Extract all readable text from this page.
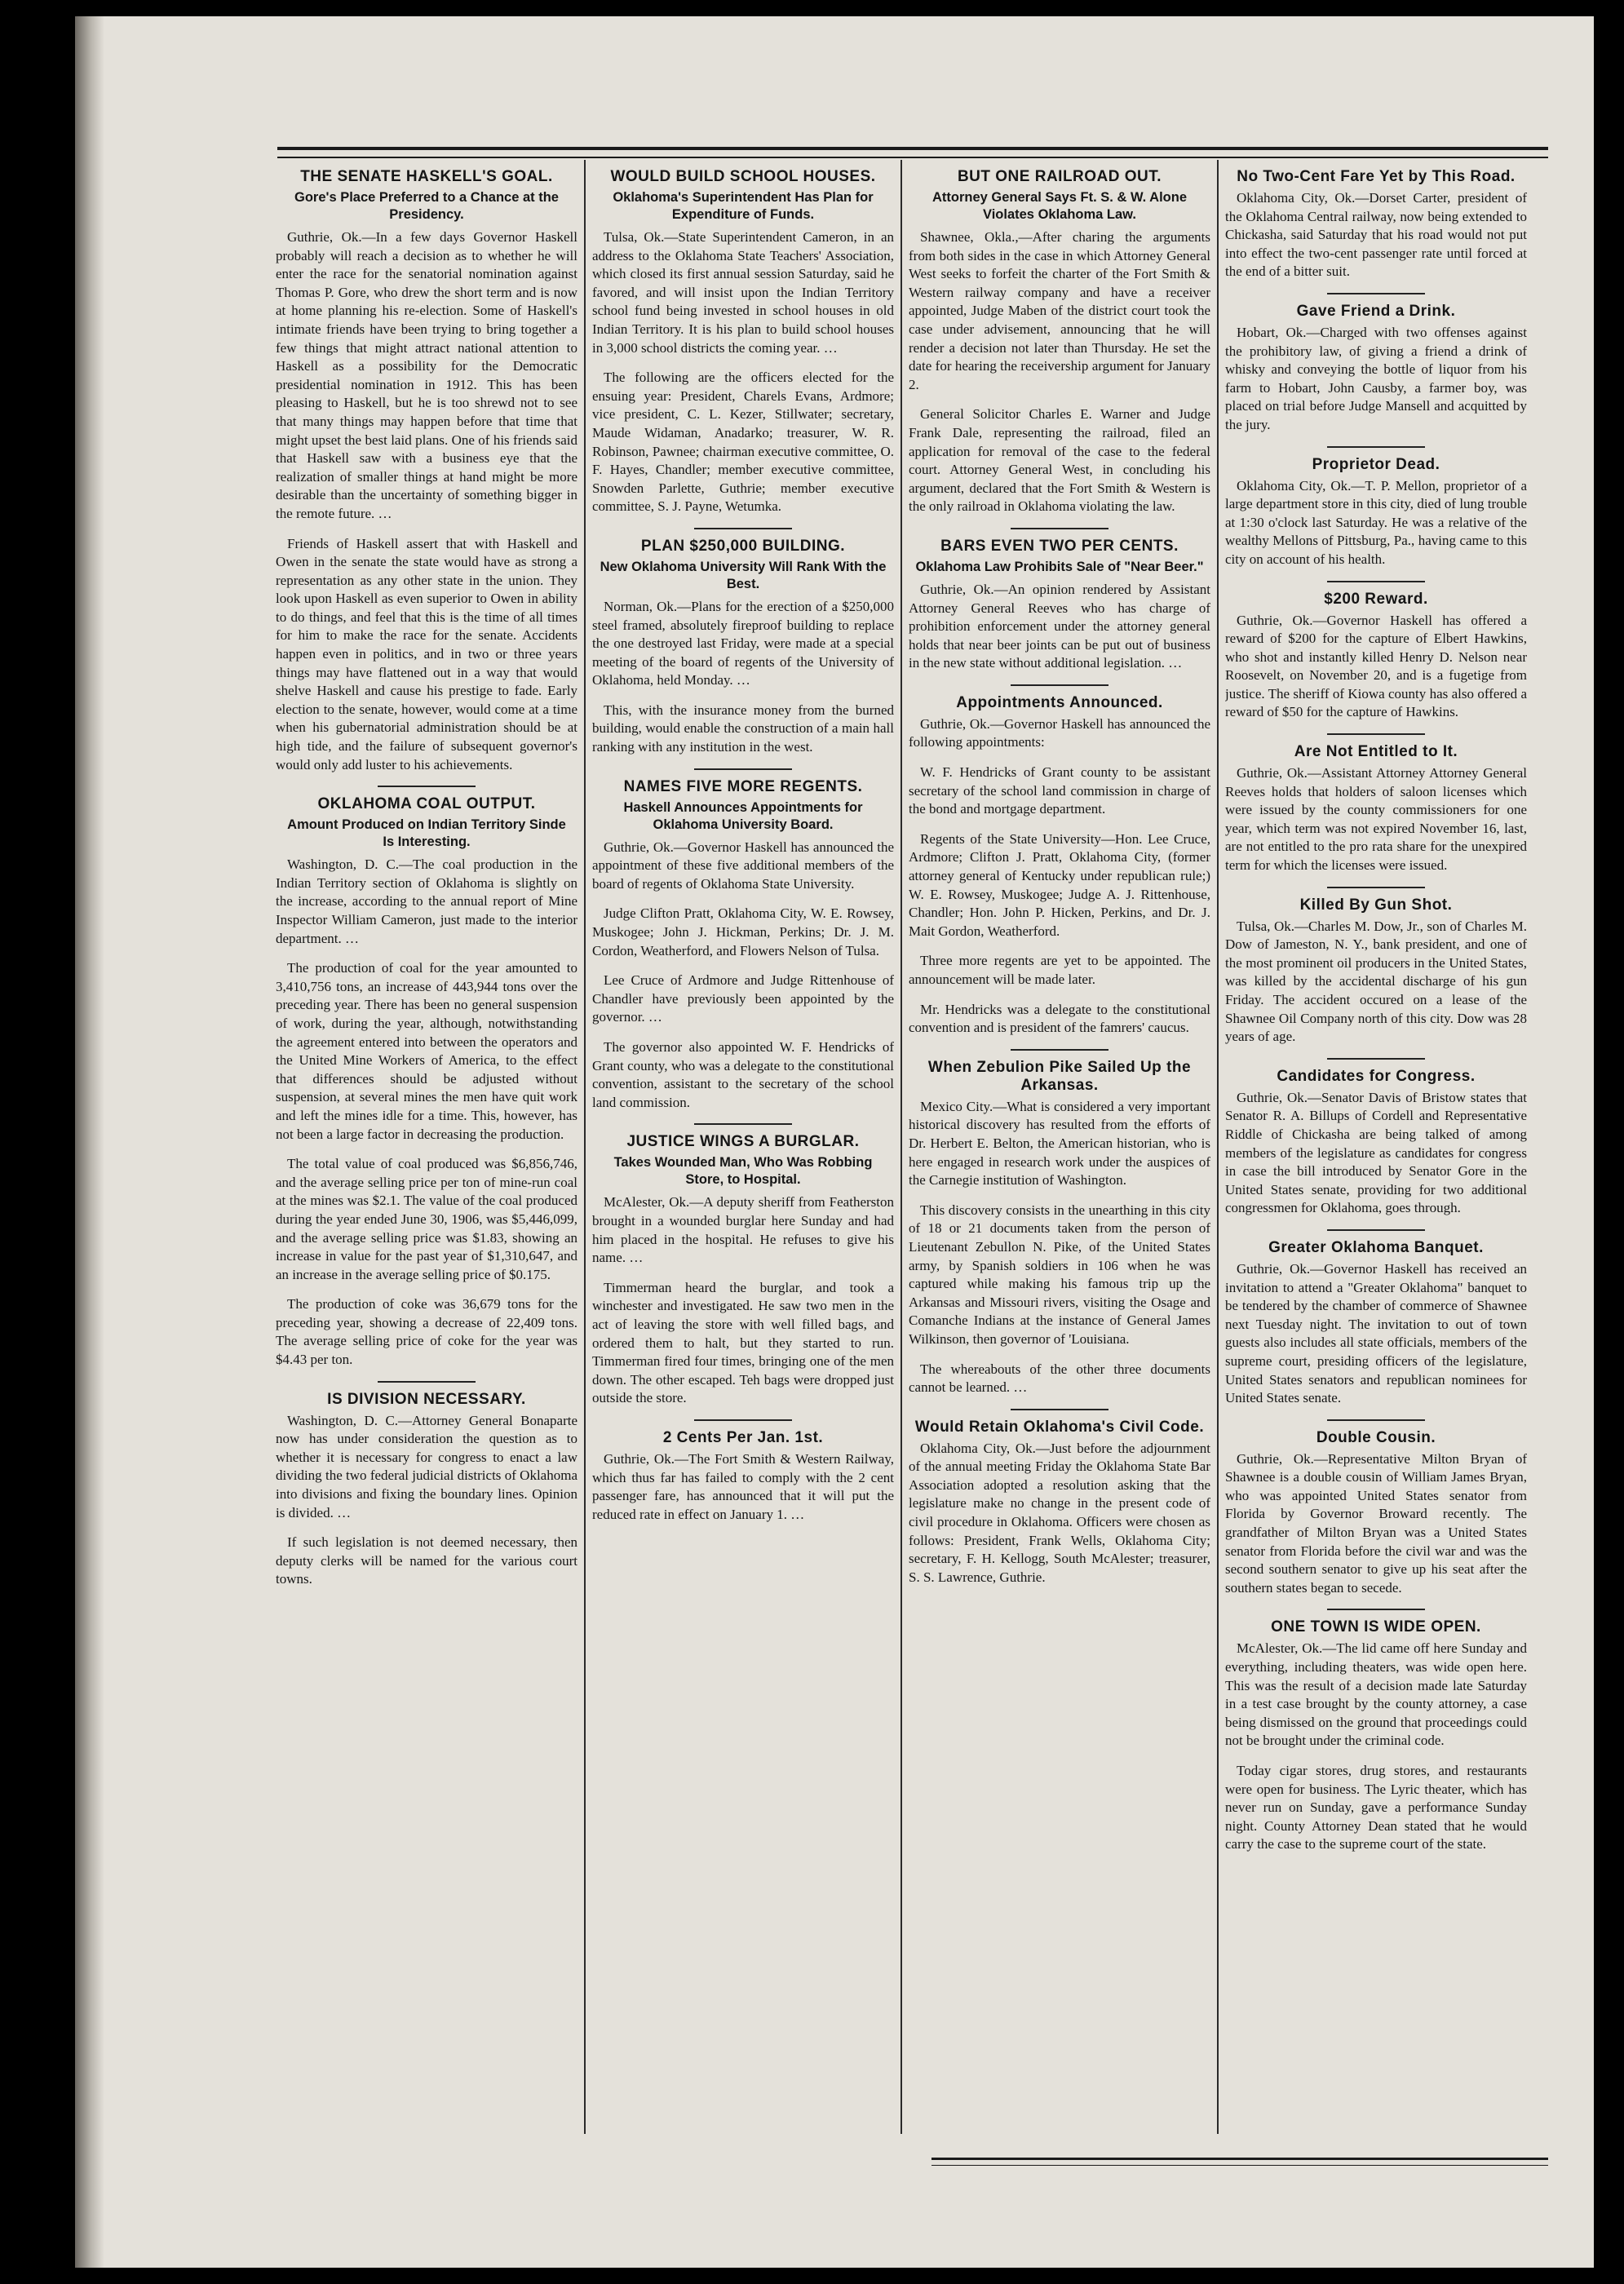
THE SENATE HASKELL'S GOAL.
Gore's Place Preferred to a Chance at the Presidency.

Guthrie, Ok.—In a few days Governor Haskell probably will reach a decision as to whether he will enter the race for the senatorial nomination against Thomas P. Gore, who drew the short term and is now at home planning his re-election. Some of Haskell's intimate friends have been trying to bring together a few things that might attract national attention to Haskell as a possibility for the Democratic presidential nomination in 1912. This has been pleasing to Haskell, but he is too shrewd not to see that many things may happen before that time that might upset the best laid plans. One of his friends said that Haskell saw with a business eye that the realization of smaller things at hand might be more desirable than the uncertainty of something bigger in the remote future. …

Friends of Haskell assert that with Haskell and Owen in the senate the state would have as strong a representation as any other state in the union. They look upon Haskell as even superior to Owen in ability to do things, and feel that this is the time of all times for him to make the race for the senate. Accidents happen even in politics, and in two or three years things may have flattened out in a way that would shelve Haskell and cause his prestige to fade. Early election to the senate, however, would come at a time when his gubernatorial administration should be at high tide, and the failure of subsequent governor's would only add luster to his achievements.

OKLAHOMA COAL OUTPUT.
Amount Produced on Indian Territory Sinde Is Interesting.

Washington, D. C.—The coal production in the Indian Territory section of Oklahoma is slightly on the increase, according to the annual report of Mine Inspector William Cameron, just made to the interior department. …

The production of coal for the year amounted to 3,410,756 tons, an increase of 443,944 tons over the preceding year. There has been no general suspension of work, during the year, although, notwithstanding the agreement entered into between the operators and the United Mine Workers of America, to the effect that differences should be adjusted without suspension, at several mines the men have quit work and left the mines idle for a time. This, however, has not been a large factor in decreasing the production.

The total value of coal produced was $6,856,746, and the average selling price per ton of mine-run coal at the mines was $2.1. The value of the coal produced during the year ended June 30, 1906, was $5,446,099, and the average selling price was $1.83, showing an increase in value for the past year of $1,310,647, and an increase in the average selling price of $0.175.

The production of coke was 36,679 tons for the preceding year, showing a decrease of 22,409 tons. The average selling price of coke for the year was $4.43 per ton.

IS DIVISION NECESSARY.

Washington, D. C.—Attorney General Bonaparte now has under consideration the question as to whether it is necessary for congress to enact a law dividing the two federal judicial districts of Oklahoma into divisions and fixing the boundary lines. Opinion is divided. …

If such legislation is not deemed necessary, then deputy clerks will be named for the various court towns.

WOULD BUILD SCHOOL HOUSES.
Oklahoma's Superintendent Has Plan for Expenditure of Funds.

Tulsa, Ok.—State Superintendent Cameron, in an address to the Oklahoma State Teachers' Association, which closed its first annual session Saturday, said he favored, and will insist upon the Indian Territory school fund being invested in school houses in old Indian Territory. It is his plan to build school houses in 3,000 school districts the coming year. …

The following are the officers elected for the ensuing year: President, Charels Evans, Ardmore; vice president, C. L. Kezer, Stillwater; secretary, Maude Widaman, Anadarko; treasurer, W. R. Robinson, Pawnee; chairman executive committee, O. F. Hayes, Chandler; member executive committee, Snowden Parlette, Guthrie; member executive committee, S. J. Payne, Wetumka.

PLAN $250,000 BUILDING.
New Oklahoma University Will Rank With the Best.

Norman, Ok.—Plans for the erection of a $250,000 steel framed, absolutely fireproof building to replace the one destroyed last Friday, were made at a special meeting of the board of regents of the University of Oklahoma, held Monday. …

This, with the insurance money from the burned building, would enable the construction of a main hall ranking with any institution in the west.

NAMES FIVE MORE REGENTS.
Haskell Announces Appointments for Oklahoma University Board.

Guthrie, Ok.—Governor Haskell has announced the appointment of these five additional members of the board of regents of Oklahoma State University.

Judge Clifton Pratt, Oklahoma City, W. E. Rowsey, Muskogee; John J. Hickman, Perkins; Dr. J. M. Cordon, Weatherford, and Flowers Nelson of Tulsa.

Lee Cruce of Ardmore and Judge Rittenhouse of Chandler have previously been appointed by the governor. …

The governor also appointed W. F. Hendricks of Grant county, who was a delegate to the constitutional convention, assistant to the secretary of the school land commission.

JUSTICE WINGS A BURGLAR.
Takes Wounded Man, Who Was Robbing Store, to Hospital.

McAlester, Ok.—A deputy sheriff from Featherston brought in a wounded burglar here Sunday and had him placed in the hospital. He refuses to give his name. …

Timmerman heard the burglar, and took a winchester and investigated. He saw two men in the act of leaving the store with well filled bags, and ordered them to halt, but they started to run. Timmerman fired four times, bringing one of the men down. The other escaped. Teh bags were dropped just outside the store.

2 Cents Per Jan. 1st.

Guthrie, Ok.—The Fort Smith & Western Railway, which thus far has failed to comply with the 2 cent passenger fare, has announced that it will put the reduced rate in effect on January 1. …

BUT ONE RAILROAD OUT.
Attorney General Says Ft. S. & W. Alone Violates Oklahoma Law.

Shawnee, Okla.,—After charing the arguments from both sides in the case in which Attorney General West seeks to forfeit the charter of the Fort Smith & Western railway company and have a receiver appointed, Judge Maben of the district court took the case under advisement, announcing that he will render a decision not later than Thursday. He set the date for hearing the receivership argument for January 2.

General Solicitor Charles E. Warner and Judge Frank Dale, representing the railroad, filed an application for removal of the case to the federal court. Attorney General West, in concluding his argument, declared that the Fort Smith & Western is the only railroad in Oklahoma violating the law.

BARS EVEN TWO PER CENTS.
Oklahoma Law Prohibits Sale of "Near Beer."

Guthrie, Ok.—An opinion rendered by Assistant Attorney General Reeves who has charge of prohibition enforcement under the attorney general holds that near beer joints can be put out of business in the new state without additional legislation. …

Appointments Announced.

Guthrie, Ok.—Governor Haskell has announced the following appointments:

W. F. Hendricks of Grant county to be assistant secretary of the school land commission in charge of the bond and mortgage department.

Regents of the State University—Hon. Lee Cruce, Ardmore; Clifton J. Pratt, Oklahoma City, (former attorney general of Kentucky under republican rule;) W. E. Rowsey, Muskogee; Judge A. J. Rittenhouse, Chandler; Hon. John P. Hicken, Perkins, and Dr. J. Mait Gordon, Weatherford.

Three more regents are yet to be appointed. The announcement will be made later.

Mr. Hendricks was a delegate to the constitutional convention and is president of the famrers' caucus.

When Zebulion Pike Sailed Up the Arkansas.

Mexico City.—What is considered a very important historical discovery has resulted from the efforts of Dr. Herbert E. Belton, the American historian, who is here engaged in research work under the auspices of the Carnegie institution of Washington.

This discovery consists in the unearthing in this city of 18 or 21 documents taken from the person of Lieutenant Zebullon N. Pike, of the United States army, by Spanish soldiers in 106 when he was captured while making his famous trip up the Arkansas and Missouri rivers, visiting the Osage and Comanche Indians at the instance of General James Wilkinson, then governor of 'Louisiana.

The whereabouts of the other three documents cannot be learned. …

Would Retain Oklahoma's Civil Code.

Oklahoma City, Ok.—Just before the adjournment of the annual meeting Friday the Oklahoma State Bar Association adopted a resolution asking that the legislature make no change in the present code of civil procedure in Oklahoma. Officers were chosen as follows: President, Frank Wells, Oklahoma City; secretary, F. H. Kellogg, South McAlester; treasurer, S. S. Lawrence, Guthrie.

No Two-Cent Fare Yet by This Road.

Oklahoma City, Ok.—Dorset Carter, president of the Oklahoma Central railway, now being extended to Chickasha, said Saturday that his road would not put into effect the two-cent passenger rate until forced at the end of a bitter suit.

Gave Friend a Drink.

Hobart, Ok.—Charged with two offenses against the prohibitory law, of giving a friend a drink of whisky and conveying the bottle of liquor from his farm to Hobart, John Causby, a farmer boy, was placed on trial before Judge Mansell and acquitted by the jury.

Proprietor Dead.

Oklahoma City, Ok.—T. P. Mellon, proprietor of a large department store in this city, died of lung trouble at 1:30 o'clock last Saturday. He was a relative of the wealthy Mellons of Pittsburg, Pa., having came to this city on account of his health.

$200 Reward.

Guthrie, Ok.—Governor Haskell has offered a reward of $200 for the capture of Elbert Hawkins, who shot and instantly killed Henry D. Nelson near Roosevelt, on November 20, and is a fugetige from justice. The sheriff of Kiowa county has also offered a reward of $50 for the capture of Hawkins.

Are Not Entitled to It.

Guthrie, Ok.—Assistant Attorney Attorney General Reeves holds that holders of saloon licenses which were issued by the county commissioners for one year, which term was not expired November 16, last, are not entitled to the pro rata share for the unexpired term for which the licenses were issued.

Killed By Gun Shot.

Tulsa, Ok.—Charles M. Dow, Jr., son of Charles M. Dow of Jameston, N. Y., bank president, and one of the most prominent oil producers in the United States, was killed by the accidental discharge of his gun Friday. The accident occured on a lease of the Shawnee Oil Company north of this city. Dow was 28 years of age.

Candidates for Congress.

Guthrie, Ok.—Senator Davis of Bristow states that Senator R. A. Billups of Cordell and Representative Riddle of Chickasha are being talked of among members of the legislature as candidates for congress in case the bill introduced by Senator Gore in the United States senate, providing for two additional congressmen for Oklahoma, goes through.

Greater Oklahoma Banquet.

Guthrie, Ok.—Governor Haskell has received an invitation to attend a "Greater Oklahoma" banquet to be tendered by the chamber of commerce of Shawnee next Tuesday night. The invitation to out of town guests also includes all state officials, members of the supreme court, presiding officers of the legislature, United States senators and republican nominees for United States senate.

Double Cousin.

Guthrie, Ok.—Representative Milton Bryan of Shawnee is a double cousin of William James Bryan, who was appointed United States senator from Florida by Governor Broward recently. The grandfather of Milton Bryan was a United States senator from Florida before the civil war and was the second southern senator to give up his seat after the southern states began to secede.

ONE TOWN IS WIDE OPEN.

McAlester, Ok.—The lid came off here Sunday and everything, including theaters, was wide open here. This was the result of a decision made late Saturday in a test case brought by the county attorney, a case being dismissed on the ground that proceedings could not be brought under the criminal code.

Today cigar stores, drug stores, and restaurants were open for business. The Lyric theater, which has never run on Sunday, gave a performance Sunday night. County Attorney Dean stated that he would carry the case to the supreme court of the state.
